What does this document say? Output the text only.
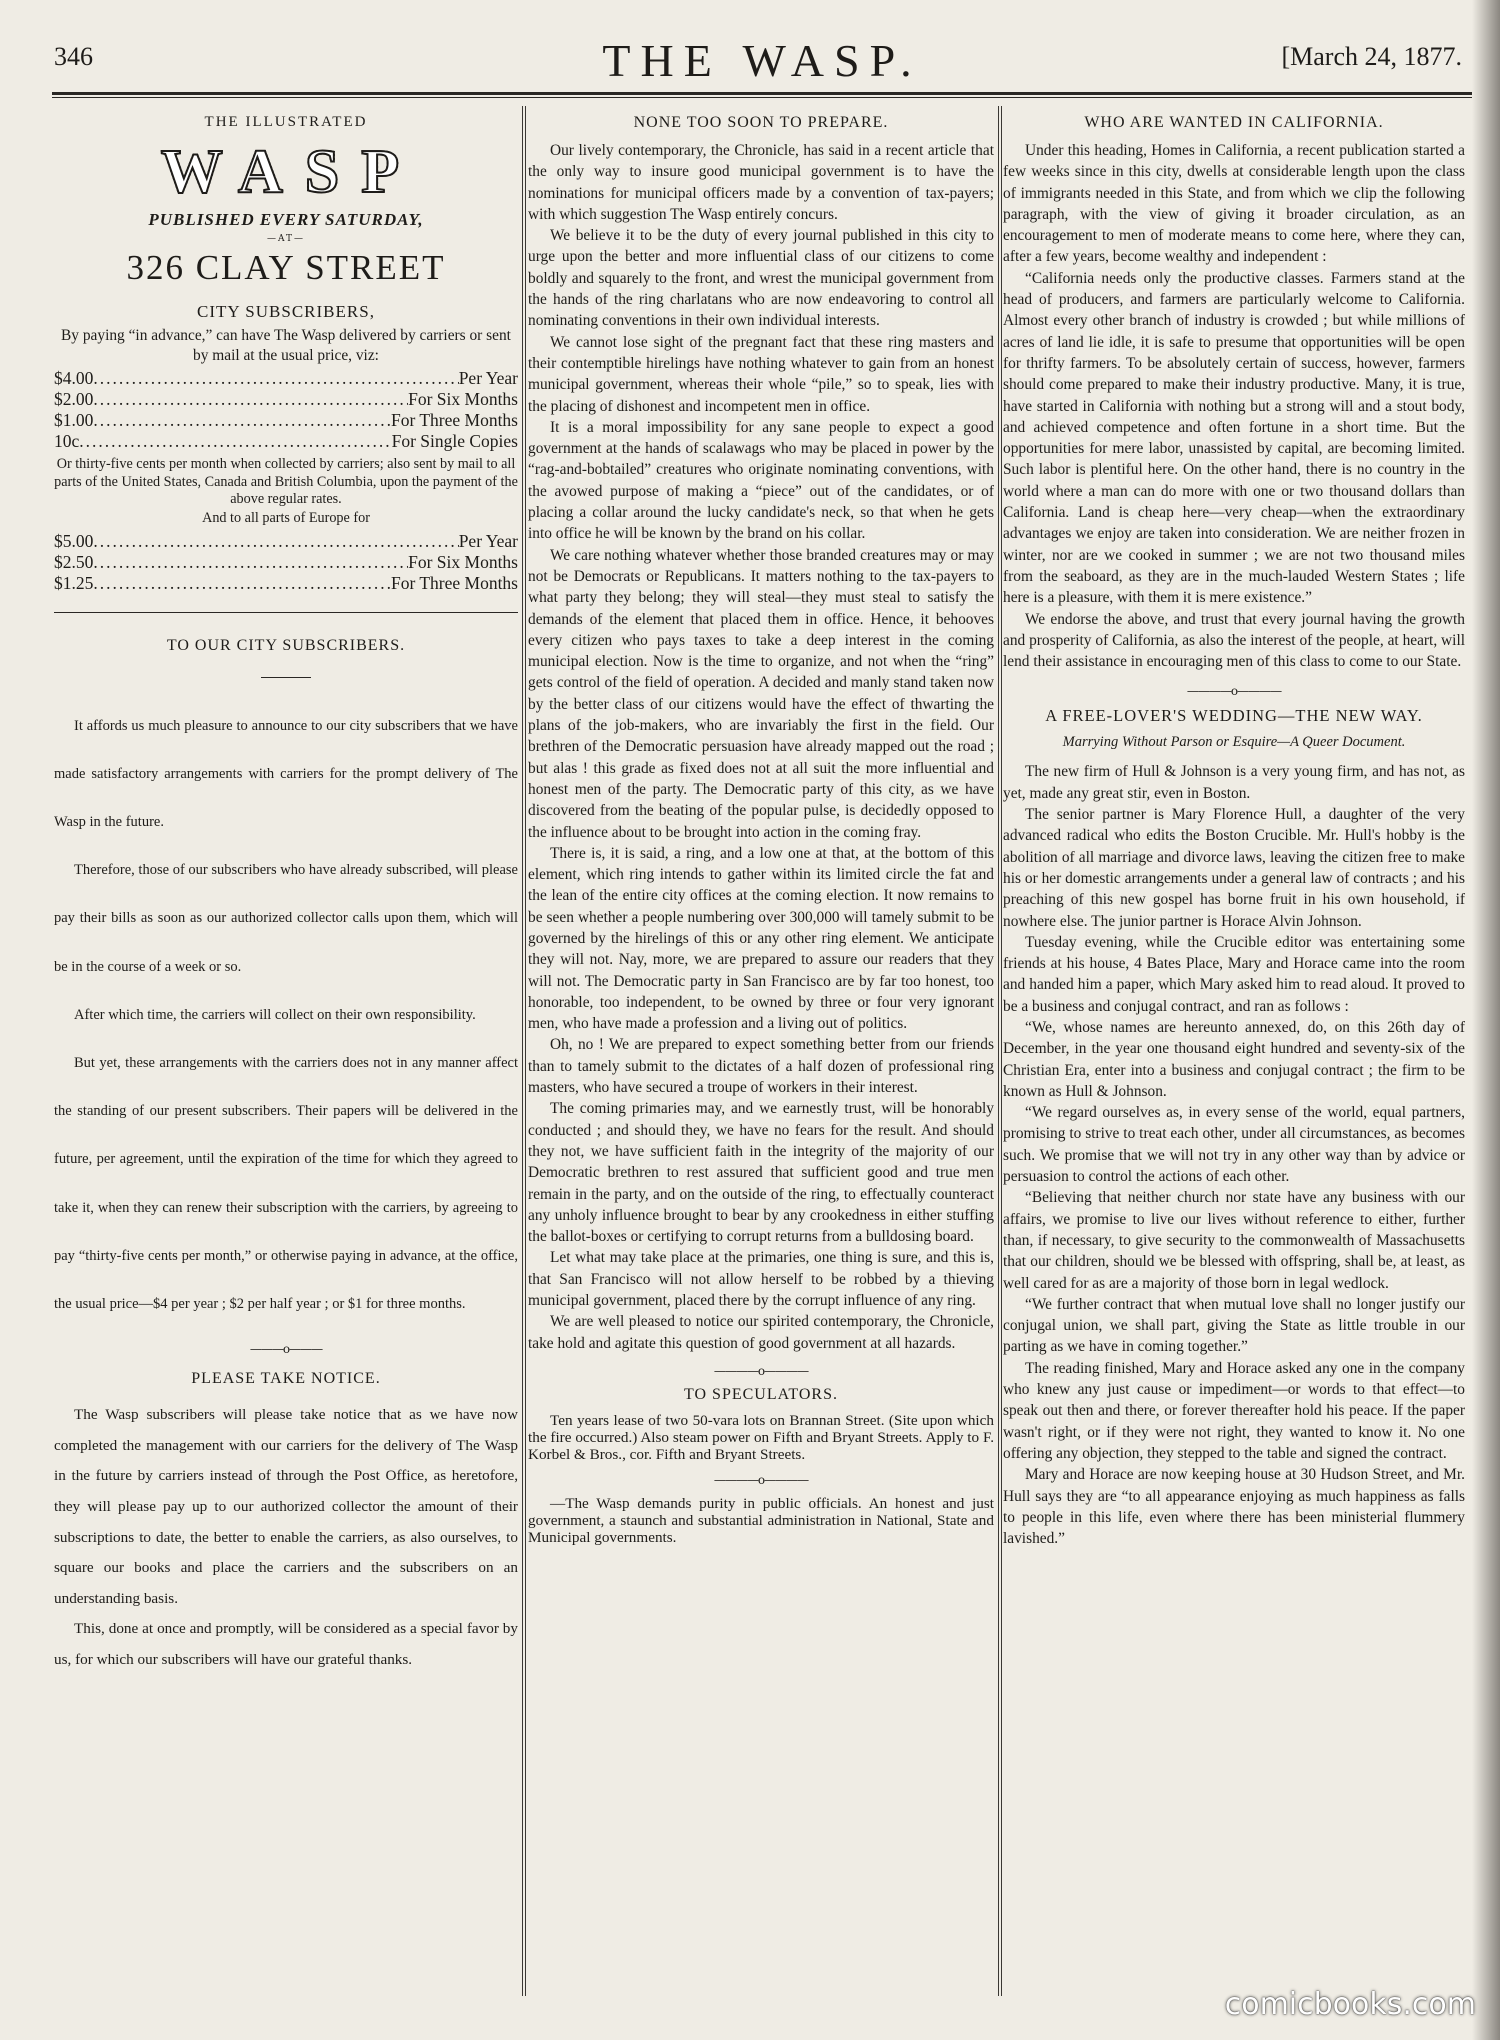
346	THE WASP.	[March 24, 1877.
THE ILLUSTRATED
WASP
PUBLISHED EVERY SATURDAY,
—AT—
326 CLAY STREET
CITY SUBSCRIBERS,
By paying “in advance,” can have The Wasp delivered by carriers or sent by mail at the usual price, viz:
$4.00 .....	Per Year
$2.00 .....	For Six Months
$1.00 .....	For Three Months
10c .....	For Single Copies
Or thirty-five cents per month when collected by carriers; also sent by mail to all parts of the United States, Canada and British Columbia, upon the payment of the above regular rates.
And to all parts of Europe for
$5.00 .....	Per Year
$2.50 .....	For Six Months
$1.25 .....	For Three Months
TO OUR CITY SUBSCRIBERS.

It affords us much pleasure to announce to our city subscribers that we have made satisfactory arrangements with carriers for the prompt delivery of The Wasp in the future.

Therefore, those of our subscribers who have already subscribed, will please pay their bills as soon as our authorized collector calls upon them, which will be in the course of a week or so.

After which time, the carriers will collect on their own responsibility.

But yet, these arrangements with the carriers does not in any manner affect the standing of our present subscribers. Their papers will be delivered in the future, per agreement, until the expiration of the time for which they agreed to take it, when they can renew their subscription with the carriers, by agreeing to pay “thirty-five cents per month,” or otherwise paying in advance, at the office, the usual price—$4 per year ; $2 per half year ; or $1 for three months.

———o———
PLEASE TAKE NOTICE.

The Wasp subscribers will please take notice that as we have now completed the management with our carriers for the delivery of The Wasp in the future by carriers instead of through the Post Office, as heretofore, they will please pay up to our authorized collector the amount of their subscriptions to date, the better to enable the carriers, as also ourselves, to square our books and place the carriers and the subscribers on an understanding basis.

This, done at once and promptly, will be considered as a special favor by us, for which our subscribers will have our grateful thanks.

NONE TOO SOON TO PREPARE.

Our lively contemporary, the Chronicle, has said in a recent article that the only way to insure good municipal government is to have the nominations for municipal officers made by a convention of tax-payers; with which suggestion The Wasp entirely concurs.

We believe it to be the duty of every journal published in this city to urge upon the better and more influential class of our citizens to come boldly and squarely to the front, and wrest the municipal government from the hands of the ring charlatans who are now endeavoring to control all nominating conventions in their own individual interests.

We cannot lose sight of the pregnant fact that these ring masters and their contemptible hirelings have nothing whatever to gain from an honest municipal government, whereas their whole “pile,” so to speak, lies with the placing of dishonest and incompetent men in office.

It is a moral impossibility for any sane people to expect a good government at the hands of scalawags who may be placed in power by the “rag-and-bobtailed” creatures who originate nominating conventions, with the avowed purpose of making a “piece” out of the candidates, or of placing a collar around the lucky candidate's neck, so that when he gets into office he will be known by the brand on his collar.

We care nothing whatever whether those branded creatures may or may not be Democrats or Republicans. It matters nothing to the tax-payers to what party they belong; they will steal—they must steal to satisfy the demands of the element that placed them in office. Hence, it behooves every citizen who pays taxes to take a deep interest in the coming municipal election. Now is the time to organize, and not when the “ring” gets control of the field of operation. A decided and manly stand taken now by the better class of our citizens would have the effect of thwarting the plans of the job-makers, who are invariably the first in the field. Our brethren of the Democratic persuasion have already mapped out the road ; but alas ! this grade as fixed does not at all suit the more influential and honest men of the party. The Democratic party of this city, as we have discovered from the beating of the popular pulse, is decidedly opposed to the influence about to be brought into action in the coming fray.

There is, it is said, a ring, and a low one at that, at the bottom of this element, which ring intends to gather within its limited circle the fat and the lean of the entire city offices at the coming election. It now remains to be seen whether a people numbering over 300,000 will tamely submit to be governed by the hirelings of this or any other ring element. We anticipate they will not. Nay, more, we are prepared to assure our readers that they will not. The Democratic party in San Francisco are by far too honest, too honorable, too independent, to be owned by three or four very ignorant men, who have made a profession and a living out of politics.

Oh, no ! We are prepared to expect something better from our friends than to tamely submit to the dictates of a half dozen of professional ring masters, who have secured a troupe of workers in their interest.

The coming primaries may, and we earnestly trust, will be honorably conducted ; and should they, we have no fears for the result. And should they not, we have sufficient faith in the integrity of the majority of our Democratic brethren to rest assured that sufficient good and true men remain in the party, and on the outside of the ring, to effectually counteract any unholy influence brought to bear by any crookedness in either stuffing the ballot-boxes or certifying to corrupt returns from a bulldosing board.

Let what may take place at the primaries, one thing is sure, and this is, that San Francisco will not allow herself to be robbed by a thieving municipal government, placed there by the corrupt influence of any ring.

We are well pleased to notice our spirited contemporary, the Chronicle, take hold and agitate this question of good government at all hazards.

————o————
TO SPECULATORS.

Ten years lease of two 50-vara lots on Brannan Street. (Site upon which the fire occurred.) Also steam power on Fifth and Bryant Streets. Apply to F. Korbel & Bros., cor. Fifth and Bryant Streets.

————o————

—The Wasp demands purity in public officials. An honest and just government, a staunch and substantial administration in National, State and Municipal governments.

WHO ARE WANTED IN CALIFORNIA.

Under this heading, Homes in California, a recent publication started a few weeks since in this city, dwells at considerable length upon the class of immigrants needed in this State, and from which we clip the following paragraph, with the view of giving it broader circulation, as an encouragement to men of moderate means to come here, where they can, after a few years, become wealthy and independent :

“California needs only the productive classes. Farmers stand at the head of producers, and farmers are particularly welcome to California. Almost every other branch of industry is crowded ; but while millions of acres of land lie idle, it is safe to presume that opportunities will be open for thrifty farmers. To be absolutely certain of success, however, farmers should come prepared to make their industry productive. Many, it is true, have started in California with nothing but a strong will and a stout body, and achieved competence and often fortune in a short time. But the opportunities for mere labor, unassisted by capital, are becoming limited. Such labor is plentiful here. On the other hand, there is no country in the world where a man can do more with one or two thousand dollars than California. Land is cheap here—very cheap—when the extraordinary advantages we enjoy are taken into consideration. We are neither frozen in winter, nor are we cooked in summer ; we are not two thousand miles from the seaboard, as they are in the much-lauded Western States ; life here is a pleasure, with them it is mere existence.”

We endorse the above, and trust that every journal having the growth and prosperity of California, as also the interest of the people, at heart, will lend their assistance in encouraging men of this class to come to our State.

————o————
A FREE-LOVER'S WEDDING—THE NEW WAY.
Marrying Without Parson or Esquire—A Queer Document.

The new firm of Hull & Johnson is a very young firm, and has not, as yet, made any great stir, even in Boston.

The senior partner is Mary Florence Hull, a daughter of the very advanced radical who edits the Boston Crucible. Mr. Hull's hobby is the abolition of all marriage and divorce laws, leaving the citizen free to make his or her domestic arrangements under a general law of contracts ; and his preaching of this new gospel has borne fruit in his own household, if nowhere else. The junior partner is Horace Alvin Johnson.

Tuesday evening, while the Crucible editor was entertaining some friends at his house, 4 Bates Place, Mary and Horace came into the room and handed him a paper, which Mary asked him to read aloud. It proved to be a business and conjugal contract, and ran as follows :

“We, whose names are hereunto annexed, do, on this 26th day of December, in the year one thousand eight hundred and seventy-six of the Christian Era, enter into a business and conjugal contract ; the firm to be known as Hull & Johnson.

“We regard ourselves as, in every sense of the world, equal partners, promising to strive to treat each other, under all circumstances, as becomes such. We promise that we will not try in any other way than by advice or persuasion to control the actions of each other.

“Believing that neither church nor state have any business with our affairs, we promise to live our lives without reference to either, further than, if necessary, to give security to the commonwealth of Massachusetts that our children, should we be blessed with offspring, shall be, at least, as well cared for as are a majority of those born in legal wedlock.

“We further contract that when mutual love shall no longer justify our conjugal union, we shall part, giving the State as little trouble in our parting as we have in coming together.”

The reading finished, Mary and Horace asked any one in the company who knew any just cause or impediment—or words to that effect—to speak out then and there, or forever thereafter hold his peace. If the paper wasn't right, or if they were not right, they wanted to know it. No one offering any objection, they stepped to the table and signed the contract.

Mary and Horace are now keeping house at 30 Hudson Street, and Mr. Hull says they are “to all appearance enjoying as much happiness as falls to people in this life, even where there has been ministerial flummery lavished.”

comicbooks.com
